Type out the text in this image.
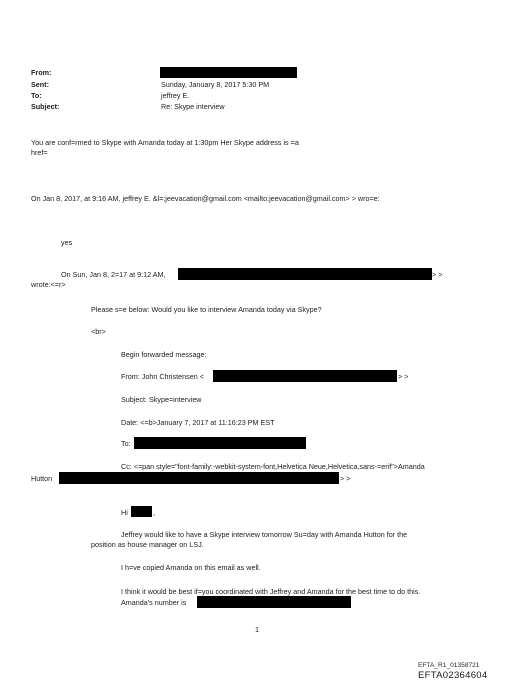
From:
Sent:	Sunday, January 8, 2017 5:30 PM
To:	jeffrey E.
Subject:	Re: Skype interview
You are conf=rmed to Skype with Amanda today at 1:30pm Her Skype address is =a
href=
On Jan 8, 2017, at 9:16 AM, jeffrey E. &l=;jeevacation@gmail.com <mailto:jeevacation@gmail.com> > wro=e:
yes
On Sun, Jan 8, 2=17 at 9:12 AM,	> >
wrote:<=r>
Please s=e below: Would you like to interview Amanda today via Skype?
<br>
Begin forwarded message:
From: John Christensen <	> >
Subject: Skype=interview
Date: <=b>January 7, 2017 at 11:16:23 PM EST
To:
Cc: <=pan style="font-family:-webkit-system-font,Helvetica Neue,Helvetica,sans-=erif">Amanda
Hutton	> >
Hi	,
Jeffrey would like to have a Skype interview tomorrow Su=day with Amanda Hutton for the
position as house manager on LSJ.
I h=ve copied Amanda on this email as well.
I think it would be best if=you coordinated with Jeffrey and Amanda for the best time to do this.
Amanda's number is
1
EFTA_R1_01358721
EFTA02364604
